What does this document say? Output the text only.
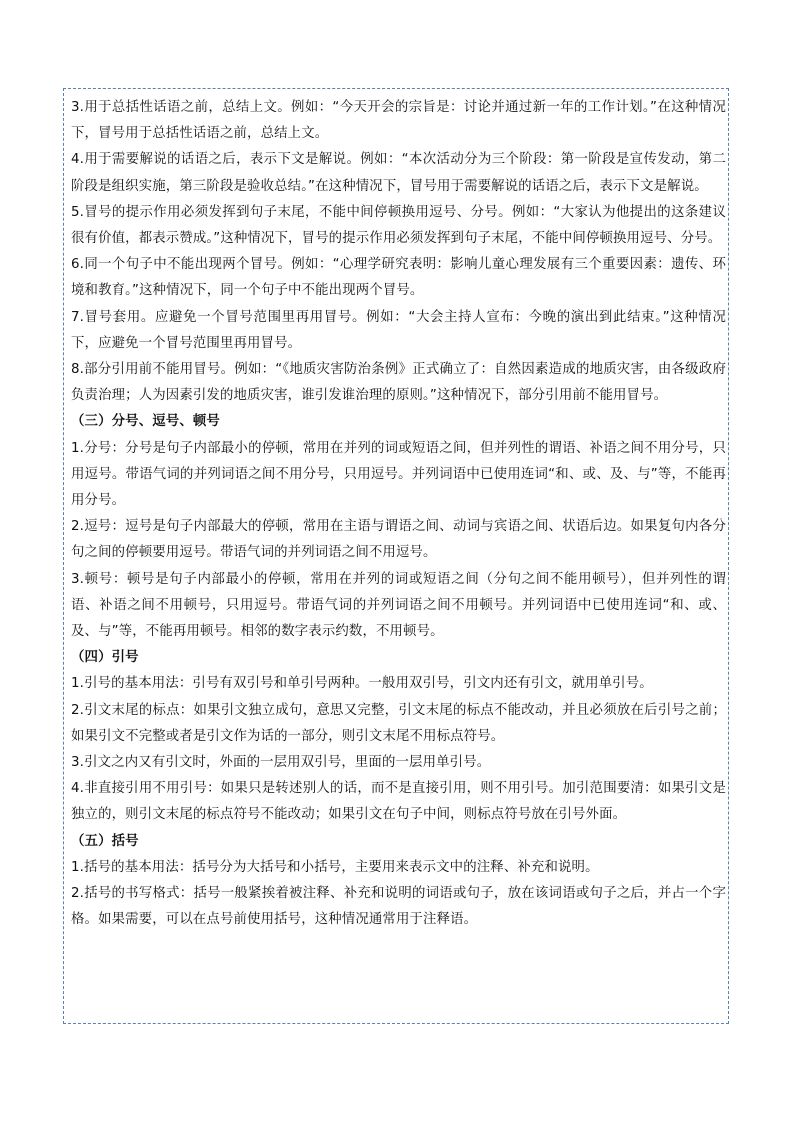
3.用于总括性话语之前，总结上文。例如：“今天开会的宗旨是：讨论并通过新一年的工作计划。”在这种情况下，冒号用于总括性话语之前，总结上文。

4.用于需要解说的话语之后，表示下文是解说。例如：“本次活动分为三个阶段：第一阶段是宣传发动，第二阶段是组织实施，第三阶段是验收总结。”在这种情况下，冒号用于需要解说的话语之后，表示下文是解说。

5.冒号的提示作用必须发挥到句子末尾，不能中间停顿换用逗号、分号。例如：“大家认为他提出的这条建议很有价值，都表示赞成。”这种情况下，冒号的提示作用必须发挥到句子末尾，不能中间停顿换用逗号、分号。

6.同一个句子中不能出现两个冒号。例如：“心理学研究表明：影响儿童心理发展有三个重要因素：遗传、环境和教育。”这种情况下，同一个句子中不能出现两个冒号。

7.冒号套用。应避免一个冒号范围里再用冒号。例如：“大会主持人宣布：今晚的演出到此结束。”这种情况下，应避免一个冒号范围里再用冒号。

8.部分引用前不能用冒号。例如：“《地质灾害防治条例》正式确立了：自然因素造成的地质灾害，由各级政府负责治理；人为因素引发的地质灾害，谁引发谁治理的原则。”这种情况下，部分引用前不能用冒号。

（三）分号、逗号、顿号

1.分号：分号是句子内部最小的停顿，常用在并列的词或短语之间，但并列性的谓语、补语之间不用分号，只用逗号。带语气词的并列词语之间不用分号，只用逗号。并列词语中已使用连词“和、或、及、与”等，不能再用分号。

2.逗号：逗号是句子内部最大的停顿，常用在主语与谓语之间、动词与宾语之间、状语后边。如果复句内各分句之间的停顿要用逗号。带语气词的并列词语之间不用逗号。

3.顿号：顿号是句子内部最小的停顿，常用在并列的词或短语之间（分句之间不能用顿号），但并列性的谓语、补语之间不用顿号，只用逗号。带语气词的并列词语之间不用顿号。并列词语中已使用连词“和、或、及、与”等，不能再用顿号。相邻的数字表示约数，不用顿号。

（四）引号

1.引号的基本用法：引号有双引号和单引号两种。一般用双引号，引文内还有引文，就用单引号。

2.引文末尾的标点：如果引文独立成句，意思又完整，引文末尾的标点不能改动，并且必须放在后引号之前；如果引文不完整或者是引文作为话的一部分，则引文末尾不用标点符号。

3.引文之内又有引文时，外面的一层用双引号，里面的一层用单引号。

4.非直接引用不用引号：如果只是转述别人的话，而不是直接引用，则不用引号。加引范围要清：如果引文是独立的，则引文末尾的标点符号不能改动；如果引文在句子中间，则标点符号放在引号外面。

（五）括号

1.括号的基本用法：括号分为大括号和小括号，主要用来表示文中的注释、补充和说明。

2.括号的书写格式：括号一般紧挨着被注释、补充和说明的词语或句子，放在该词语或句子之后，并占一个字格。如果需要，可以在点号前使用括号，这种情况通常用于注释语。
